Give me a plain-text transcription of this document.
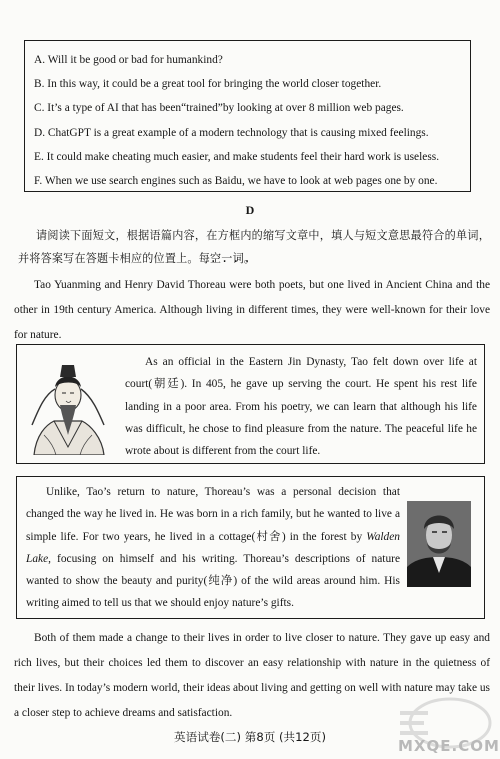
A. Will it be good or bad for humankind?
B. In this way, it could be a great tool for bringing the world closer together.
C. It’s a type of AI that has been“trained”by looking at over 8 million web pages.
D. ChatGPT is a great example of a modern technology that is causing mixed feelings.
E. It could make cheating much easier, and make students feel their hard work is useless.
F. When we use search engines such as Baidu, we have to look at web pages one by one.
D
请阅读下面短文，根据语篇内容，在方框内的缩写文章中，填人与短文意思最符合的单词，并将答案写在答题卡相应的位置上。每空一词。
Tao Yuanming and Henry David Thoreau were both poets, but one lived in Ancient China and the other in 19th century America. Although living in different times, they were well-known for their love for nature.
As an official in the Eastern Jin Dynasty, Tao felt down over life at court(朝廷). In 405, he gave up serving the court. He spent his rest life landing in a poor area. From his poetry, we can learn that although his life was difficult, he chose to find pleasure from the nature. The peaceful life he wrote about is different from the court life.
Unlike, Tao’s return to nature, Thoreau’s was a personal decision that changed the way he lived in. He was born in a rich family, but he wanted to live a simple life. For two years, he lived in a cottage(村舍) in the forest by Walden Lake, focusing on himself and his writing. Thoreau’s descriptions of nature wanted to show the beauty and purity(纯净) of the wild areas around him. His writing aimed to tell us that we should enjoy nature’s gifts.
Both of them made a change to their lives in order to live closer to nature. They gave up easy and rich lives, but their choices led them to discover an easy relationship with nature in the quietness of their lives. In today’s modern world, their ideas about living and getting on well with nature may take us a closer step to achieve dreams and satisfaction.
MXQE.COM
英语试卷(二) 第8页 (共12页)
